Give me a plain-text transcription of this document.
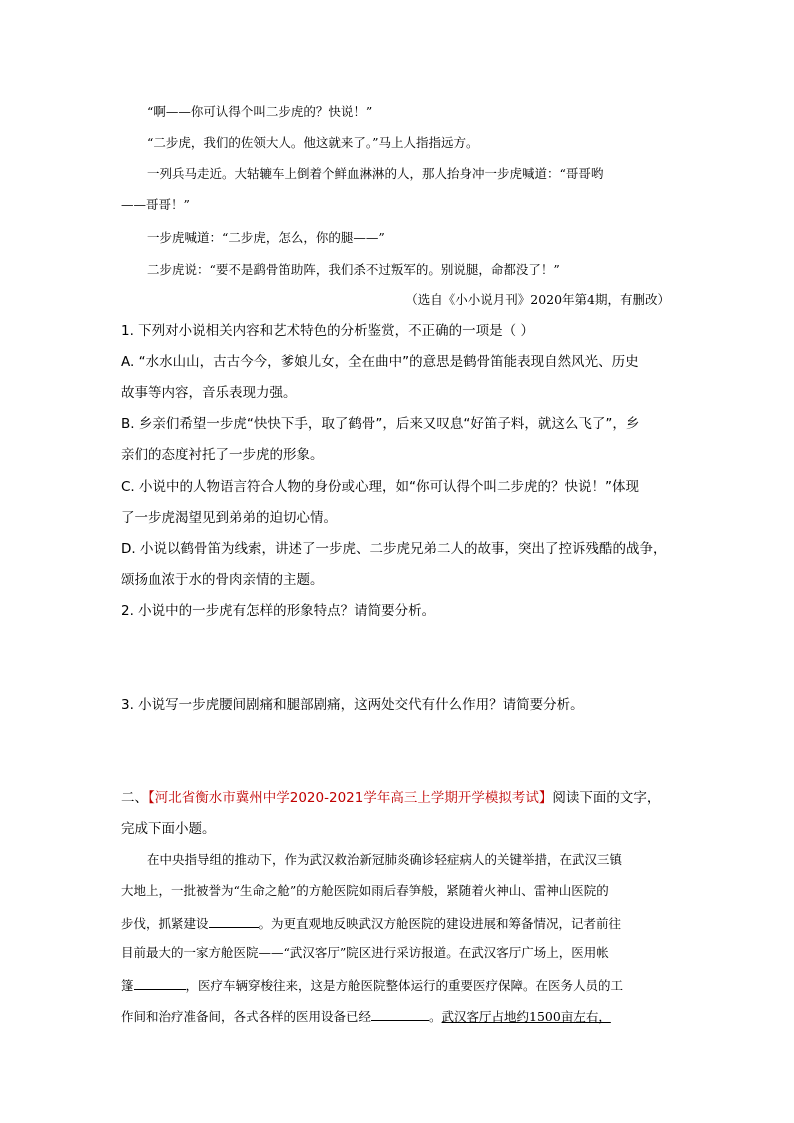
“啊——你可认得个叫二步虎的？快说！”
“二步虎，我们的佐领大人。他这就来了。”马上人指指远方。
一列兵马走近。大轱辘车上倒着个鲜血淋淋的人，那人抬身冲一步虎喊道：“哥哥哟
——哥哥！”
一步虎喊道：“二步虎，怎么，你的腿——”
二步虎说：“要不是鹞骨笛助阵，我们杀不过叛军的。别说腿，命都没了！”
（选自《小小说月刊》2020年第4期，有删改）
1. 下列对小说相关内容和艺术特色的分析鉴赏，不正确的一项是（ ）
A. “水水山山，古古今今，爹娘儿女，全在曲中”的意思是鹤骨笛能表现自然风光、历史
故事等内容，音乐表现力强。
B. 乡亲们希望一步虎“快快下手，取了鹤骨”，后来又叹息“好笛子料，就这么飞了”，乡
亲们的态度衬托了一步虎的形象。
C. 小说中的人物语言符合人物的身份或心理，如“你可认得个叫二步虎的？快说！”体现
了一步虎渴望见到弟弟的迫切心情。
D. 小说以鹤骨笛为线索，讲述了一步虎、二步虎兄弟二人的故事，突出了控诉残酷的战争，
颂扬血浓于水的骨肉亲情的主题。
2. 小说中的一步虎有怎样的形象特点？请简要分析。
3. 小说写一步虎腰间剧痛和腿部剧痛，这两处交代有什么作用？请简要分析。
二、【河北省衡水市冀州中学2020-2021学年高三上学期开学模拟考试】阅读下面的文字，
完成下面小题。
在中央指导组的推动下，作为武汉救治新冠肺炎确诊轻症病人的关键举措，在武汉三镇
大地上，一批被誉为“生命之舱”的方舱医院如雨后春笋般，紧随着火神山、雷神山医院的
步伐，抓紧建设	。为更直观地反映武汉方舱医院的建设进展和筹备情况，记者前往
目前最大的一家方舱医院——“武汉客厅”院区进行采访报道。在武汉客厅广场上，医用帐
篷	，医疗车辆穿梭往来，这是方舱医院整体运行的重要医疗保障。在医务人员的工
作间和治疗准备间，各式各样的医用设备已经	。武汉客厅占地约1500亩左右，
